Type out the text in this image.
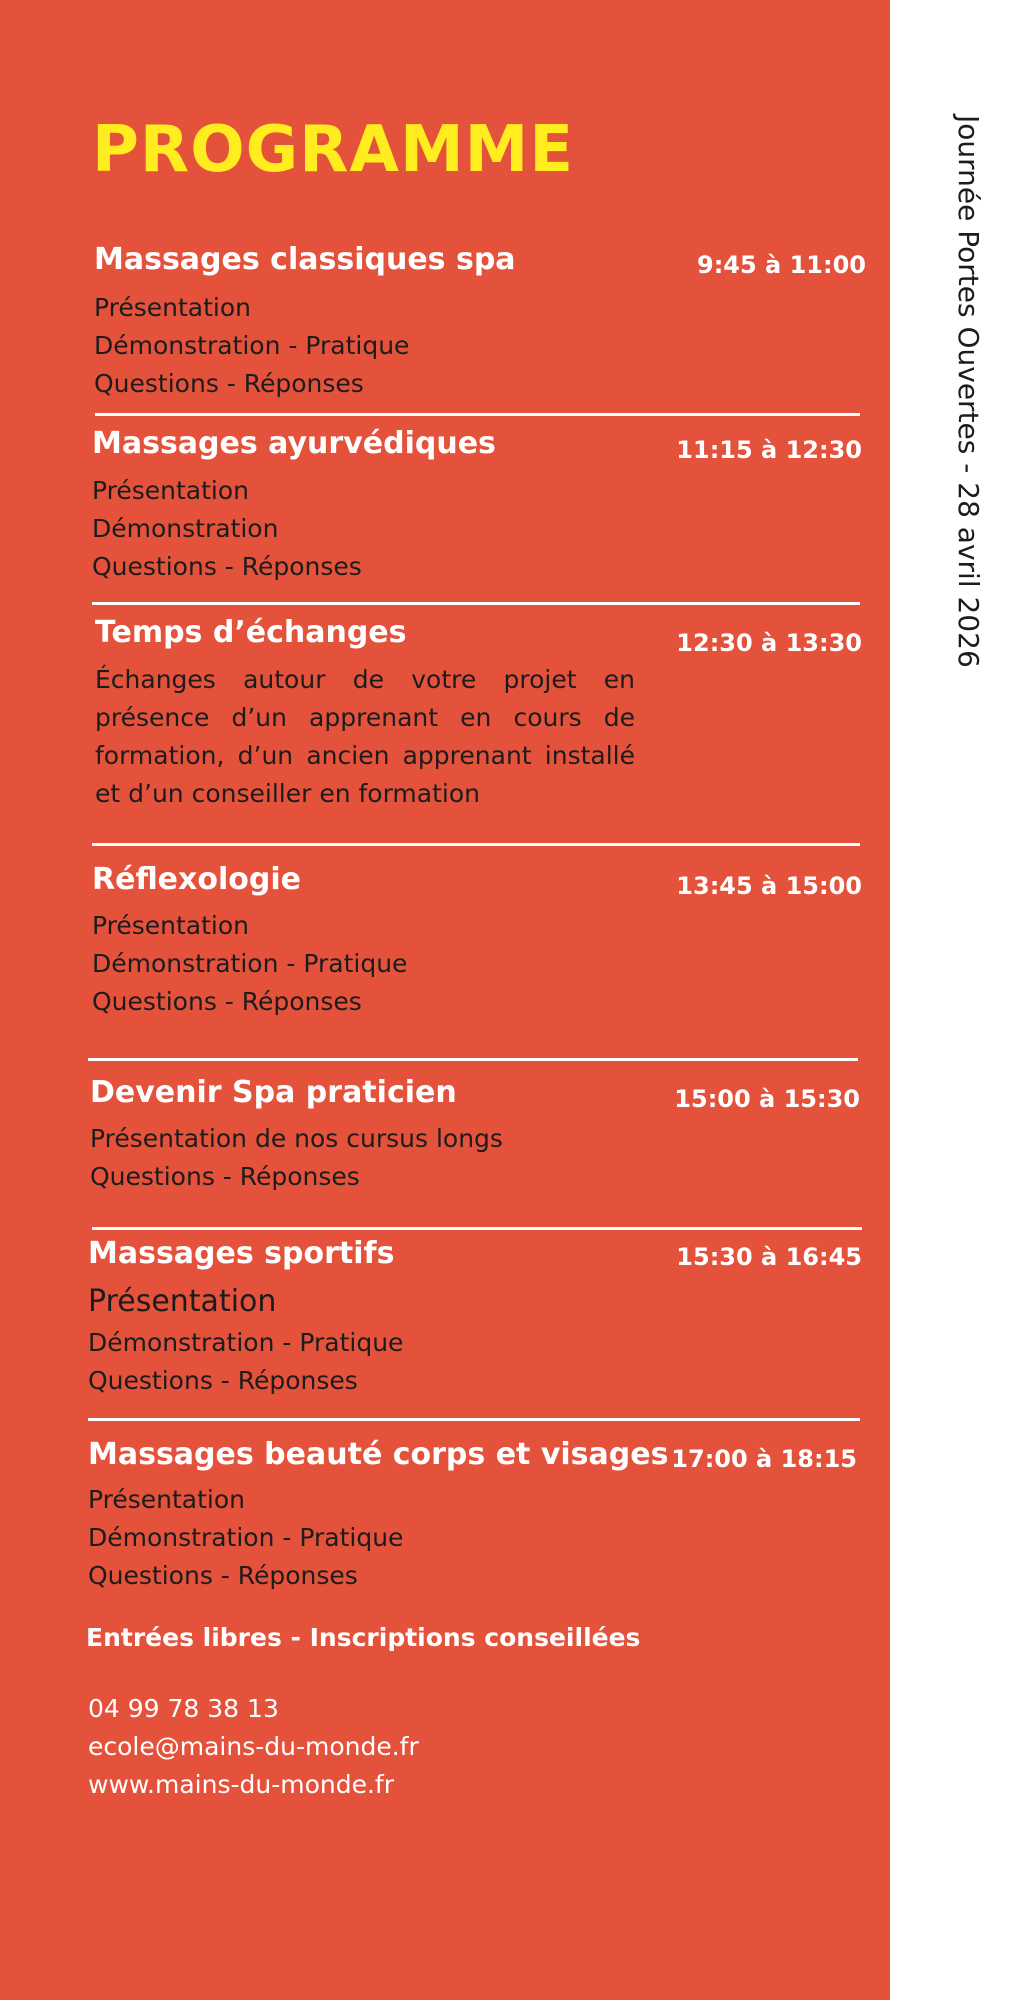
PROGRAMME
Massages classiques spa	9:45 à 11:00
Présentation
Démonstration - Pratique
Questions - Réponses
Massages ayurvédiques	11:15 à 12:30
Présentation
Démonstration
Questions - Réponses
Temps d’échanges	12:30 à 13:30
Échanges autour de votre projet en présence d’un apprenant en cours de formation, d’un ancien apprenant installé et d’un conseiller en formation
Réflexologie	13:45 à 15:00
Présentation
Démonstration - Pratique
Questions - Réponses
Devenir Spa praticien	15:00 à 15:30
Présentation de nos cursus longs
Questions - Réponses
Massages sportifs	15:30 à 16:45
Présentation
Démonstration - Pratique
Questions - Réponses
Massages beauté corps et visages 17:00 à 18:15
Présentation
Démonstration - Pratique
Questions - Réponses
Entrées libres - Inscriptions conseillées
04 99 78 38 13
ecole@mains-du-monde.fr
www.mains-du-monde.fr
Journée Portes Ouvertes - 28 avril 2026
